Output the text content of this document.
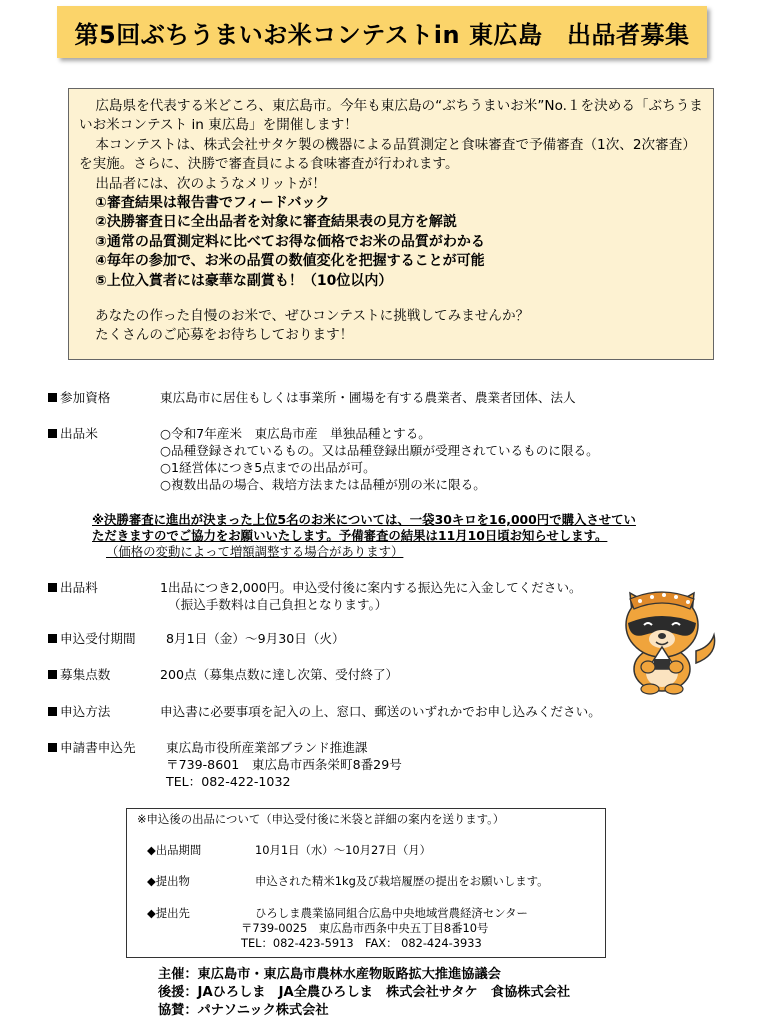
第5回ぶちうまいお米コンテストin 東広島　出品者募集

広島県を代表する米どころ、東広島市。今年も東広島の“ぶちうまいお米”No.１を決める「ぶちうまいお米コンテスト in 東広島」を開催します！

本コンテストは、株式会社サタケ製の機器による品質測定と食味審査で予備審査（1次、2次審査）を実施。さらに、決勝で審査員による食味審査が行われます。

出品者には、次のようなメリットが！

①審査結果は報告書でフィードバック
②決勝審査日に全出品者を対象に審査結果表の見方を解説
③通常の品質測定料に比べてお得な価格でお米の品質がわかる
④毎年の参加で、お米の品質の数値変化を把握することが可能
⑤上位入賞者には豪華な副賞も！（10位以内）

あなたの作った自慢のお米で、ぜひコンテストに挑戦してみませんか？

たくさんのご応募をお待ちしております！

参加資格	東広島市に居住もしくは事業所・圃場を有する農業者、農業者団体、法人
出品米	○令和7年産米　東広島市産　単独品種とする。
○品種登録されているもの。又は品種登録出願が受理されているものに限る。
○1経営体につき5点までの出品が可。
○複数出品の場合、栽培方法または品種が別の米に限る。
※決勝審査に進出が決まった上位5名のお米については、一袋30キロを16,000円で購入させてい
ただきますのでご協力をお願いいたします。予備審査の結果は11月10日頃お知らせします。
（価格の変動によって増額調整する場合があります）
出品料	1出品につき2,000円。申込受付後に案内する振込先に入金してください。
（振込手数料は自己負担となります。）
申込受付期間 8月1日（金）～9月30日（火）
募集点数	200点（募集点数に達し次第、受付終了）
申込方法	申込書に必要事項を記入の上、窓口、郵送のいずれかでお申し込みください。
申請書申込先 東広島市役所産業部ブランド推進課
〒739-8601　東広島市西条栄町8番29号
TEL：082-422-1032
※申込後の出品について（申込受付後に米袋と詳細の案内を送ります。）
◆出品期間	10月1日（水）～10月27日（月）
◆提出物	申込された精米1kg及び栽培履歴の提出をお願いします。
◆提出先	ひろしま農業協同組合広島中央地域営農経済センター
〒739-0025　東広島市西条中央五丁目8番10号
TEL：082-423-5913　FAX： 082-424-3933
主催：東広島市・東広島市農林水産物販路拡大推進協議会
後援：JAひろしま　JA全農ひろしま　株式会社サタケ　食協株式会社
協賛：パナソニック株式会社
